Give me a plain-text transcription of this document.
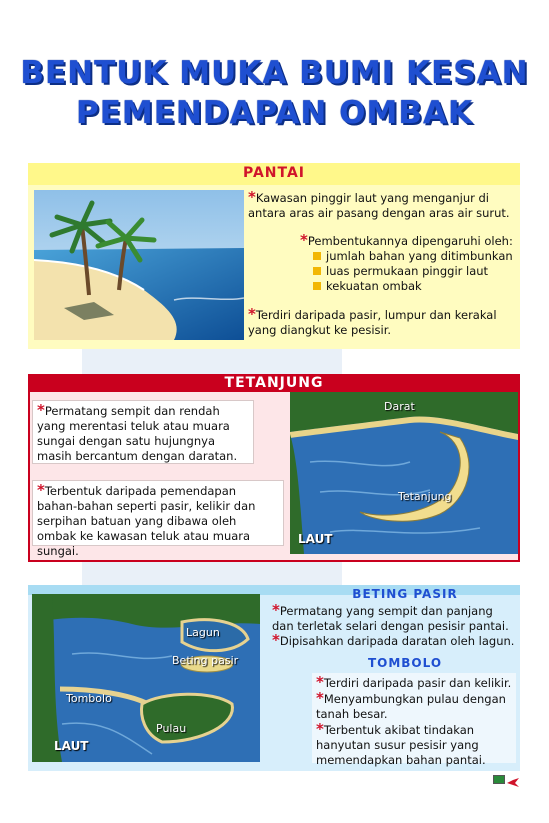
BENTUK MUKA BUMI KESAN
PEMENDAPAN OMBAK
PANTAI
*Kawasan pinggir laut yang menganjur di antara aras air pasang dengan aras air surut.
*Pembentukannya dipengaruhi oleh:
jumlah bahan yang ditimbunkan
luas permukaan pinggir laut
kekuatan ombak
*Terdiri daripada pasir, lumpur dan kerakal yang diangkut ke pesisir.
TETANJUNG
*Permatang sempit dan rendah yang merentasi teluk atau muara sungai dengan satu hujungnya masih bercantum dengan daratan.
*Terbentuk daripada pemendapan bahan-bahan seperti pasir, kelikir dan serpihan batuan yang dibawa oleh ombak ke kawasan teluk atau muara sungai.
Darat
Tetanjung
LAUT
Lagun
Beting pasir
Tombolo
Pulau
LAUT
BETING PASIR
*Permatang yang sempit dan panjang dan terletak selari dengan pesisir pantai.
*Dipisahkan daripada daratan oleh lagun.
TOMBOLO
*Terdiri daripada pasir dan kelikir.
*Menyambungkan pulau dengan tanah besar.
*Terbentuk akibat tindakan hanyutan susur pesisir yang memendapkan bahan pantai.
